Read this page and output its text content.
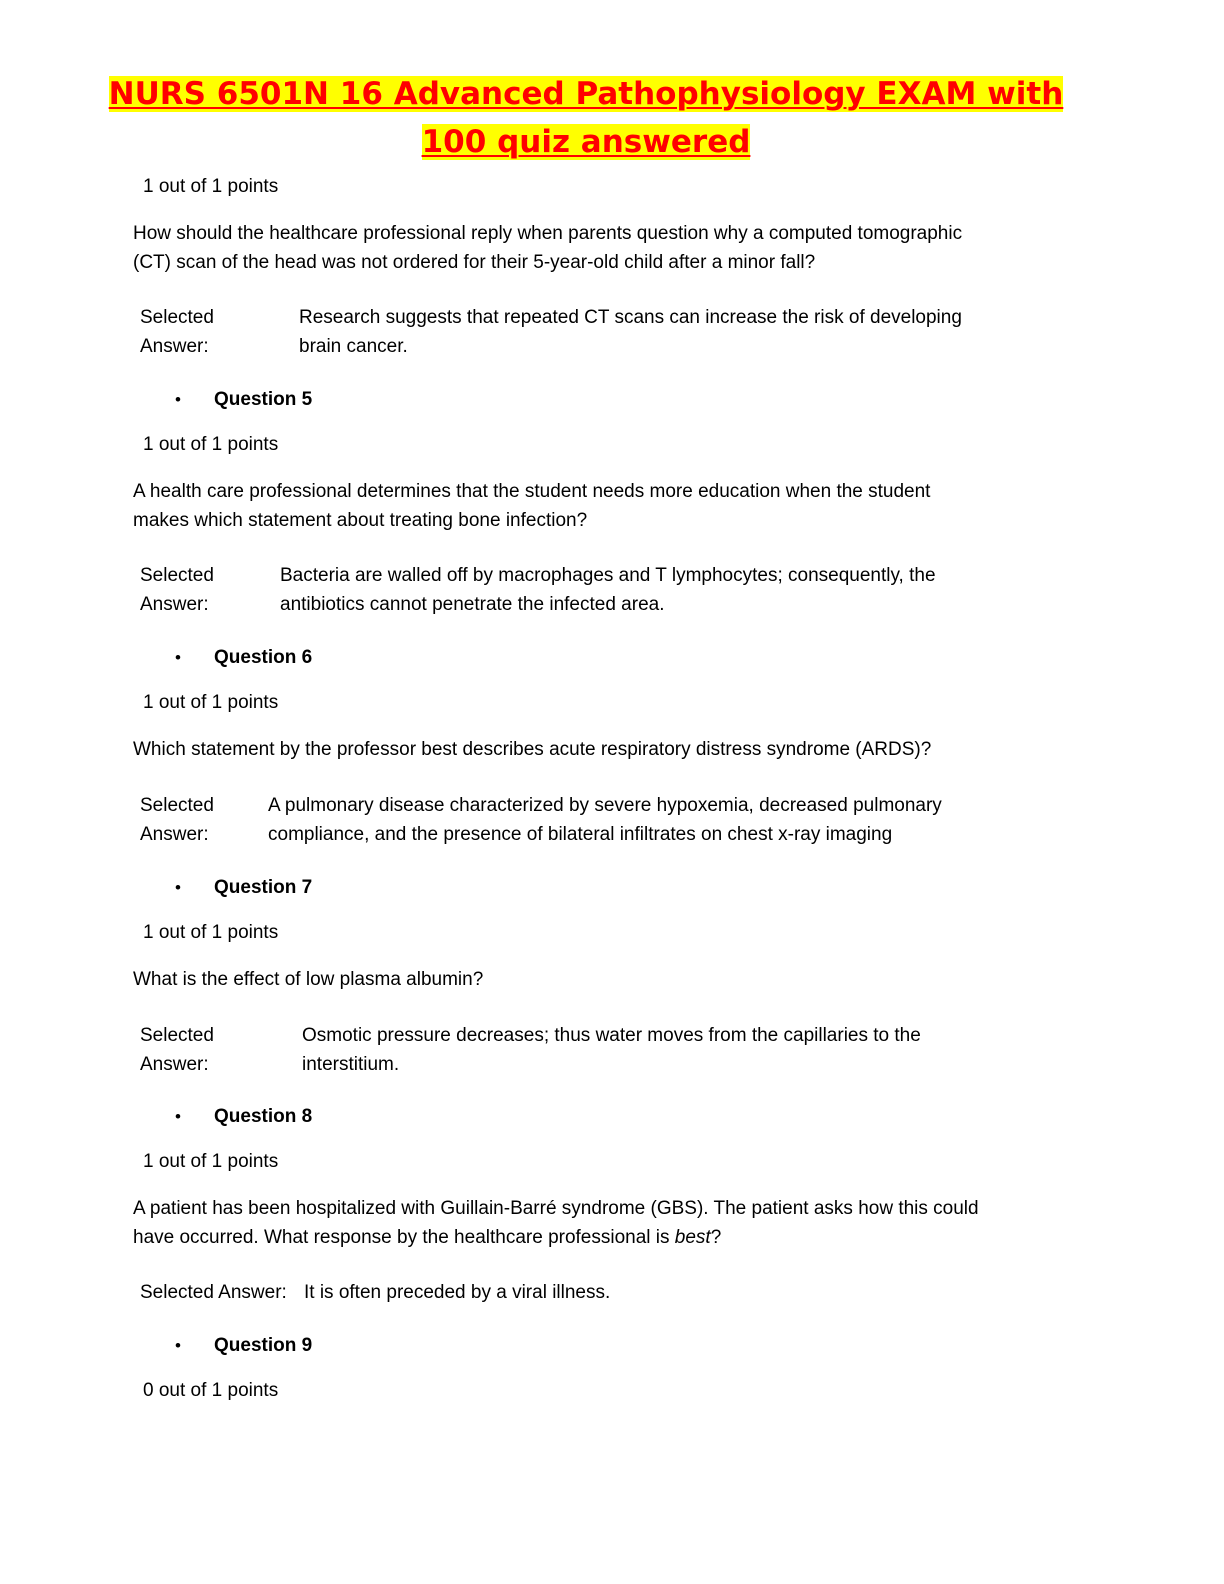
NURS 6501N 16 Advanced Pathophysiology EXAM with
100 quiz answered
1 out of 1 points
How should the healthcare professional reply when parents question why a computed tomographic
(CT) scan of the head was not ordered for their 5-year-old child after a minor fall?
Selected
Answer:
Research suggests that repeated CT scans can increase the risk of developing
brain cancer.
• Question 5
1 out of 1 points
A health care professional determines that the student needs more education when the student
makes which statement about treating bone infection?
Selected
Answer:
Bacteria are walled off by macrophages and T lymphocytes; consequently, the
antibiotics cannot penetrate the infected area.
• Question 6
1 out of 1 points
Which statement by the professor best describes acute respiratory distress syndrome (ARDS)?
Selected
Answer:
A pulmonary disease characterized by severe hypoxemia, decreased pulmonary
compliance, and the presence of bilateral infiltrates on chest x-ray imaging
• Question 7
1 out of 1 points
What is the effect of low plasma albumin?
Selected
Answer:
Osmotic pressure decreases; thus water moves from the capillaries to the
interstitium.
• Question 8
1 out of 1 points
A patient has been hospitalized with Guillain-Barré syndrome (GBS). The patient asks how this could
have occurred. What response by the healthcare professional is best?
Selected Answer: It is often preceded by a viral illness.
• Question 9
0 out of 1 points
